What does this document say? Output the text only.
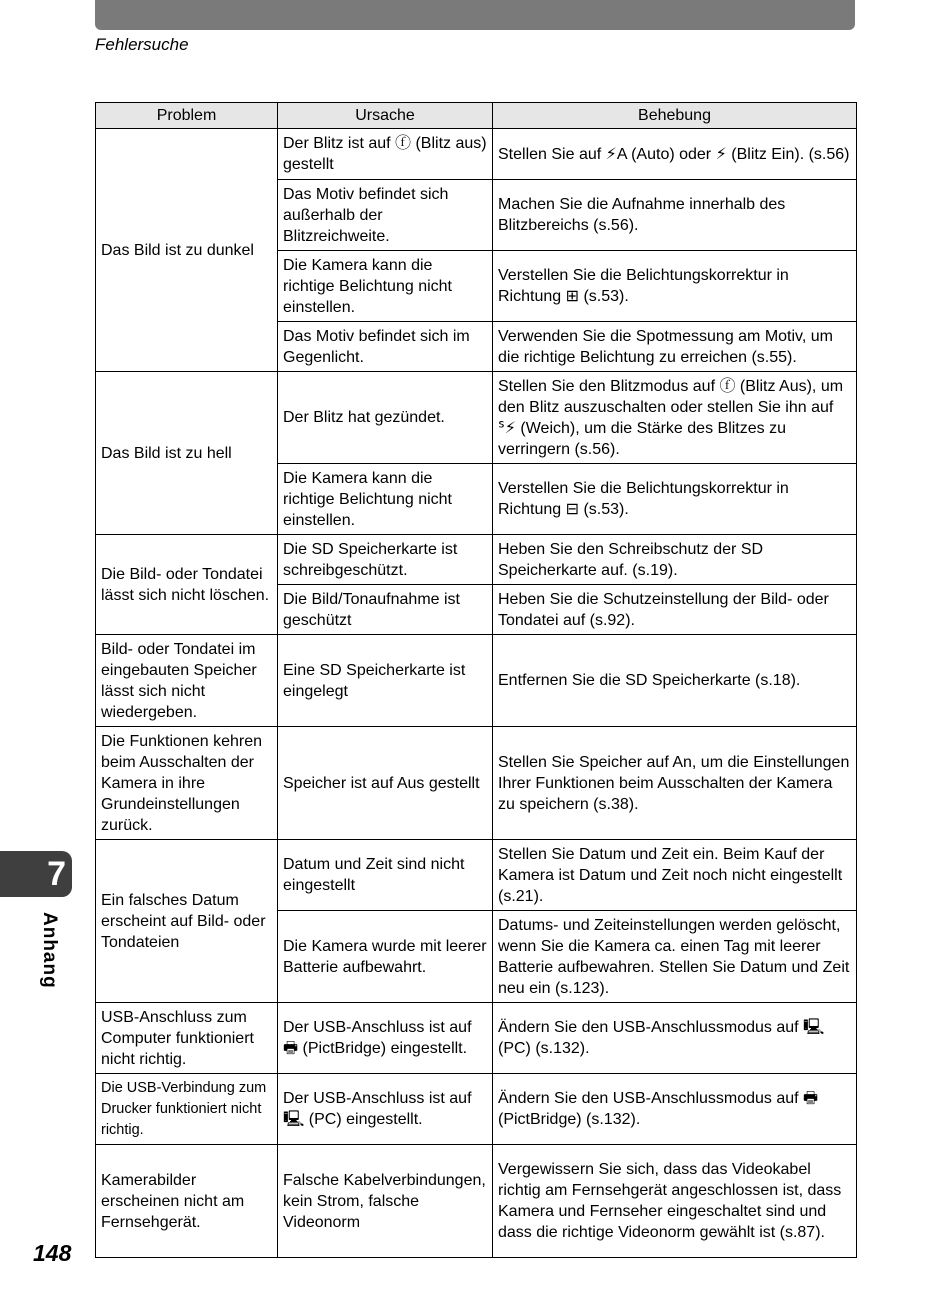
Fehlersuche
Problem	Ursache	Behebung
Das Bild ist zu dunkel	Der Blitz ist auf ⓕ (Blitz aus) gestellt	Stellen Sie auf ⚡A (Auto) oder ⚡ (Blitz Ein). (s.56)
	Das Motiv befindet sich außerhalb der Blitzreichweite.	Machen Sie die Aufnahme innerhalb des Blitzbereichs (s.56).
	Die Kamera kann die richtige Belichtung nicht einstellen.	Verstellen Sie die Belichtungskorrektur in Richtung ⊞ (s.53).
	Das Motiv befindet sich im Gegenlicht.	Verwenden Sie die Spotmessung am Motiv, um die richtige Belichtung zu erreichen (s.55).
Das Bild ist zu hell	Der Blitz hat gezündet.	Stellen Sie den Blitzmodus auf ⓕ (Blitz Aus), um den Blitz auszuschalten oder stellen Sie ihn auf ᔆ⚡ (Weich), um die Stärke des Blitzes zu verringern (s.56).
	Die Kamera kann die richtige Belichtung nicht einstellen.	Verstellen Sie die Belichtungskorrektur in Richtung ⊟ (s.53).
Die Bild- oder Tondatei lässt sich nicht löschen.	Die SD Speicherkarte ist schreibgeschützt.	Heben Sie den Schreibschutz der SD Speicherkarte auf. (s.19).
	Die Bild/Tonaufnahme ist geschützt	Heben Sie die Schutzeinstellung der Bild- oder Tondatei auf (s.92).
Bild- oder Tondatei im eingebauten Speicher lässt sich nicht wiedergeben.	Eine SD Speicherkarte ist eingelegt	Entfernen Sie die SD Speicherkarte (s.18).
Die Funktionen kehren beim Ausschalten der Kamera in ihre Grundeinstellungen zurück.	Speicher ist auf Aus gestellt	Stellen Sie Speicher auf An, um die Einstellungen Ihrer Funktionen beim Ausschalten der Kamera zu speichern (s.38).
Ein falsches Datum erscheint auf Bild- oder Tondateien	Datum und Zeit sind nicht eingestellt	Stellen Sie Datum und Zeit ein. Beim Kauf der Kamera ist Datum und Zeit noch nicht eingestellt (s.21).
	Die Kamera wurde mit leerer Batterie aufbewahrt.	Datums- und Zeiteinstellungen werden gelöscht, wenn Sie die Kamera ca. einen Tag mit leerer Batterie aufbewahren. Stellen Sie Datum und Zeit neu ein (s.123).
USB-Anschluss zum Computer funktioniert nicht richtig.	Der USB-Anschluss ist auf 🖶 (PictBridge) eingestellt.	Ändern Sie den USB-Anschlussmodus auf 🖳 (PC) (s.132).
Die USB-Verbindung zum Drucker funktioniert nicht richtig.	Der USB-Anschluss ist auf 🖳 (PC) eingestellt.	Ändern Sie den USB-Anschlussmodus auf 🖶 (PictBridge) (s.132).
Kamerabilder erscheinen nicht am Fernsehgerät.	Falsche Kabelverbindungen, kein Strom, falsche Videonorm	Vergewissern Sie sich, dass das Videokabel richtig am Fernsehgerät angeschlossen ist, dass Kamera und Fernseher eingeschaltet sind und dass die richtige Videonorm gewählt ist (s.87).
7
Anhang
148
